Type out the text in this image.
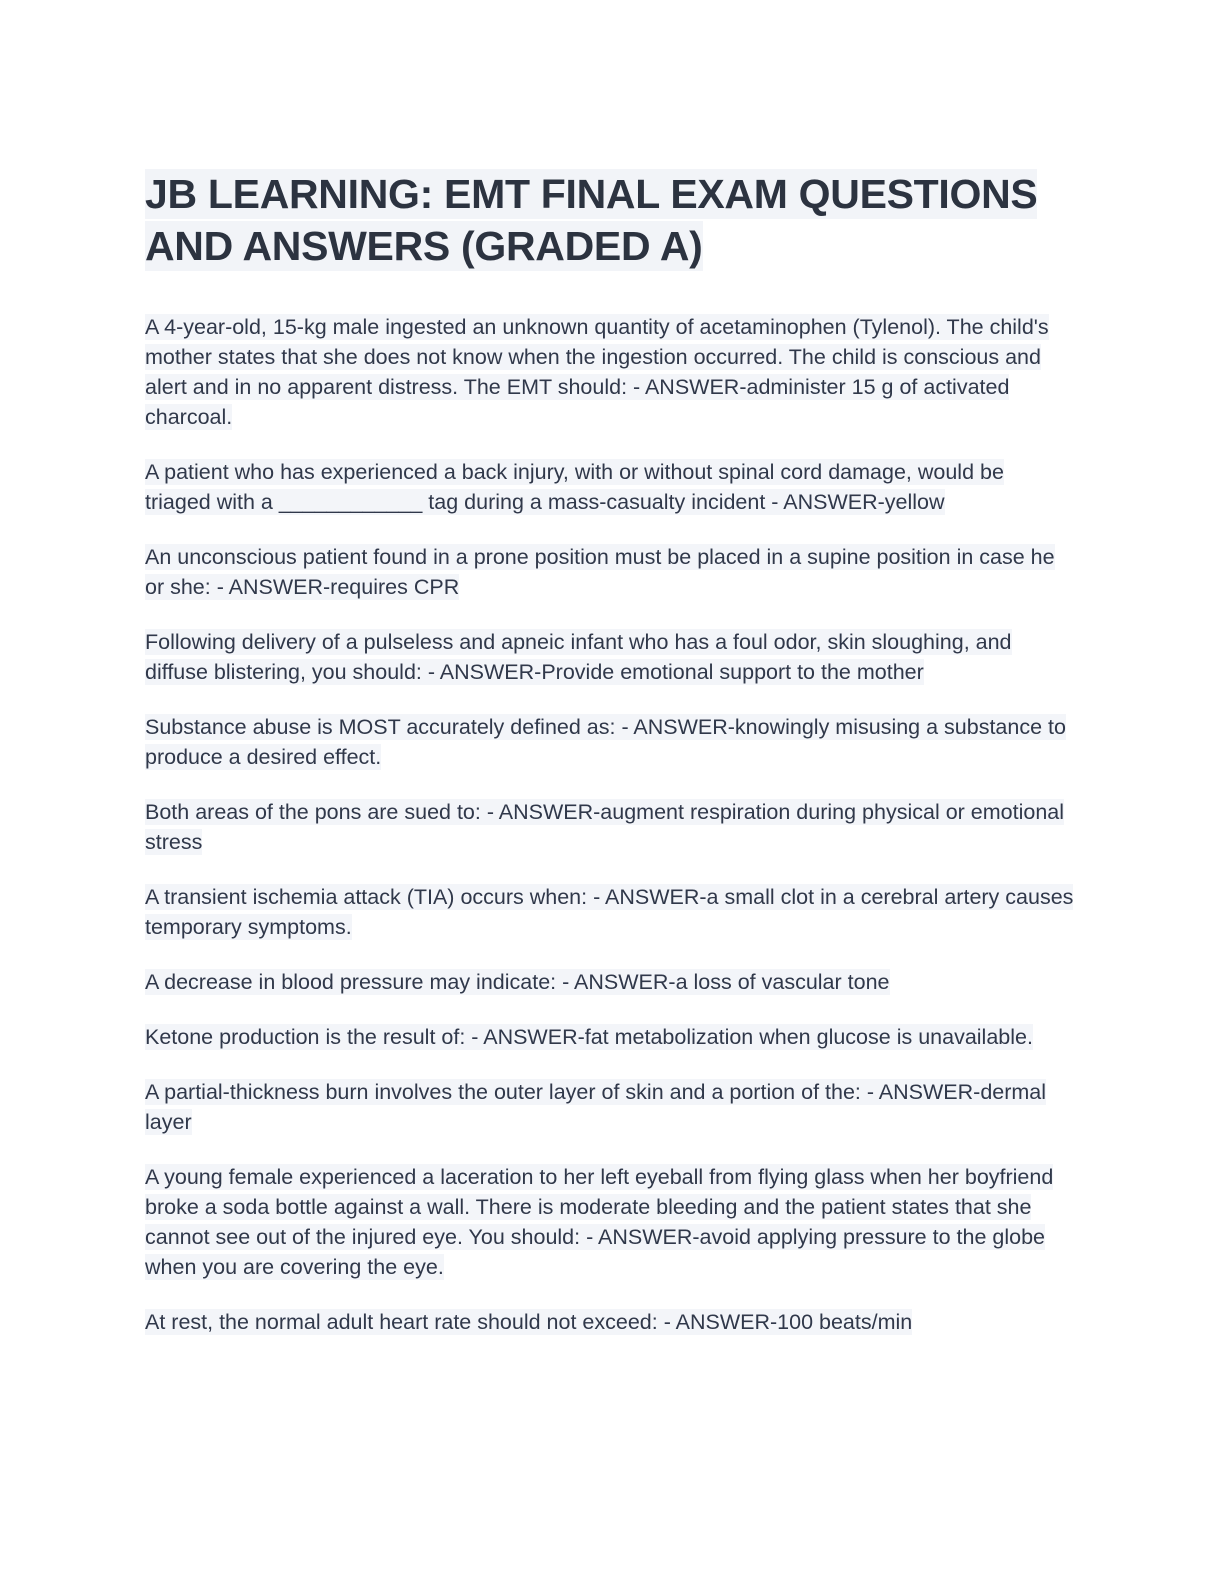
JB LEARNING: EMT FINAL EXAM QUESTIONS AND ANSWERS (GRADED A)

A 4-year-old, 15-kg male ingested an unknown quantity of acetaminophen (Tylenol). The child's mother states that she does not know when the ingestion occurred. The child is conscious and alert and in no apparent distress. The EMT should: - ANSWER-administer 15 g of activated charcoal.

A patient who has experienced a back injury, with or without spinal cord damage, would be triaged with a ____________ tag during a mass-casualty incident - ANSWER-yellow

An unconscious patient found in a prone position must be placed in a supine position in case he or she: - ANSWER-requires CPR

Following delivery of a pulseless and apneic infant who has a foul odor, skin sloughing, and diffuse blistering, you should: - ANSWER-Provide emotional support to the mother

Substance abuse is MOST accurately defined as: - ANSWER-knowingly misusing a substance to produce a desired effect.

Both areas of the pons are sued to: - ANSWER-augment respiration during physical or emotional stress

A transient ischemia attack (TIA) occurs when: - ANSWER-a small clot in a cerebral artery causes temporary symptoms.

A decrease in blood pressure may indicate: - ANSWER-a loss of vascular tone

Ketone production is the result of: - ANSWER-fat metabolization when glucose is unavailable.

A partial-thickness burn involves the outer layer of skin and a portion of the: - ANSWER-dermal layer

A young female experienced a laceration to her left eyeball from flying glass when her boyfriend broke a soda bottle against a wall. There is moderate bleeding and the patient states that she cannot see out of the injured eye. You should: - ANSWER-avoid applying pressure to the globe when you are covering the eye.

At rest, the normal adult heart rate should not exceed: - ANSWER-100 beats/min
